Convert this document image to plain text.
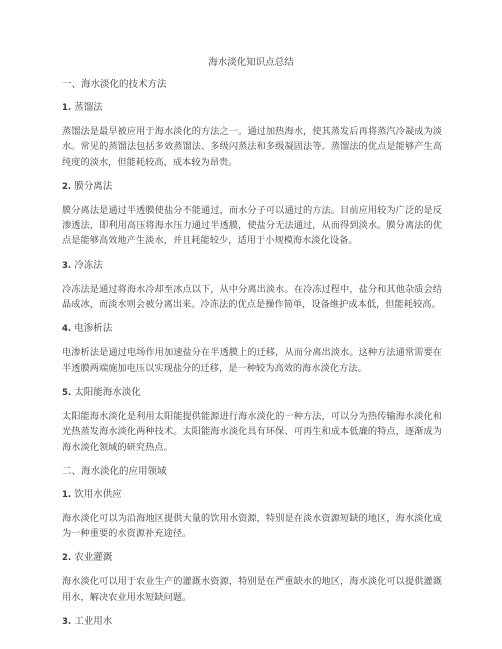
海水淡化知识点总结
一、海水淡化的技术方法
1. 蒸馏法

蒸馏法是最早被应用于海水淡化的方法之一。通过加热海水，使其蒸发后再将蒸汽冷凝成为淡水。常见的蒸馏法包括多效蒸馏法、多级闪蒸法和多级凝固法等。蒸馏法的优点是能够产生高纯度的淡水，但能耗较高，成本较为昂贵。

2. 膜分离法

膜分离法是通过半透膜使盐分不能通过，而水分子可以通过的方法。目前应用较为广泛的是反渗透法，即利用高压将海水压力通过半透膜，使盐分无法通过，从而得到淡水。膜分离法的优点是能够高效地产生淡水，并且耗能较少，适用于小规模海水淡化设备。

3. 冷冻法

冷冻法是通过将海水冷却至冰点以下，从中分离出淡水。在冷冻过程中，盐分和其他杂质会结晶成冰，而淡水则会被分离出来。冷冻法的优点是操作简单，设备维护成本低，但能耗较高。

4. 电渗析法

电渗析法是通过电场作用加速盐分在半透膜上的迁移，从而分离出淡水。这种方法通常需要在半透膜两端施加电压以实现盐分的迁移，是一种较为高效的海水淡化方法。

5. 太阳能海水淡化

太阳能海水淡化是利用太阳能提供能源进行海水淡化的一种方法，可以分为热传输海水淡化和光热蒸发海水淡化两种技术。太阳能海水淡化具有环保、可再生和成本低廉的特点，逐渐成为海水淡化领域的研究热点。

二、海水淡化的应用领域
1. 饮用水供应

海水淡化可以为沿海地区提供大量的饮用水资源，特别是在淡水资源短缺的地区，海水淡化成为一种重要的水资源补充途径。

2. 农业灌溉

海水淡化可以用于农业生产的灌溉水资源，特别是在严重缺水的地区，海水淡化可以提供灌溉用水，解决农业用水短缺问题。

3. 工业用水
